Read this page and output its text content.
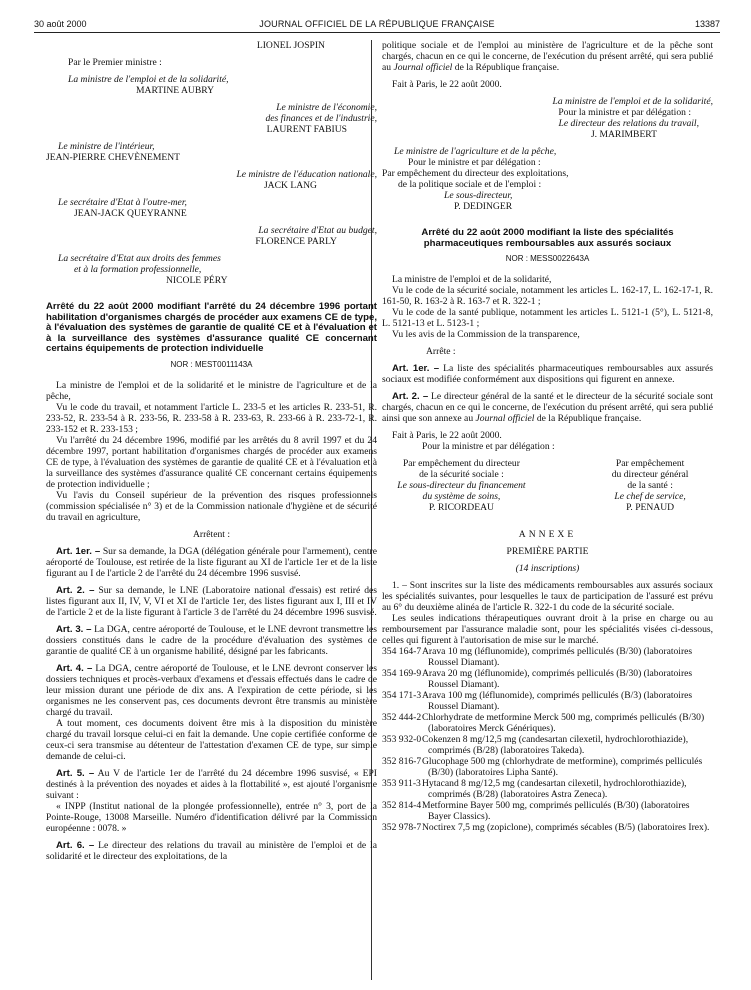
30 août 2000	JOURNAL OFFICIEL DE LA RÉPUBLIQUE FRANÇAISE	13387

LIONEL JOSPIN

Par le Premier ministre :

La ministre de l'emploi et de la solidarité,

MARTINE AUBRY

Le ministre de l'économie,

des finances et de l'industrie,

LAURENT FABIUS

Le ministre de l'intérieur,

JEAN-PIERRE CHEVÈNEMENT

Le ministre de l'éducation nationale,

JACK LANG

Le secrétaire d'Etat à l'outre-mer,

JEAN-JACK QUEYRANNE

La secrétaire d'Etat au budget,

FLORENCE PARLY

La secrétaire d'Etat aux droits des femmes

et à la formation professionnelle,

NICOLE PÉRY

Arrêté du 22 août 2000 modifiant l'arrêté du 24 décembre 1996 portant habilitation d'organismes chargés de procéder aux examens CE de type, à l'évaluation des systèmes de garantie de qualité CE et à l'évaluation et à la surveillance des systèmes d'assurance qualité CE concernant certains équipements de protection individuelle

NOR : MEST0011143A

La ministre de l'emploi et de la solidarité et le ministre de l'agriculture et de la pêche,

Vu le code du travail, et notamment l'article L. 233-5 et les articles R. 233-51, R. 233-52, R. 233-54 à R. 233-56, R. 233-58 à R. 233-63, R. 233-66 à R. 233-72-1, R. 233-152 et R. 233-153 ;

Vu l'arrêté du 24 décembre 1996, modifié par les arrêtés du 8 avril 1997 et du 24 décembre 1997, portant habilitation d'organismes chargés de procéder aux examens CE de type, à l'évaluation des systèmes de garantie de qualité CE et à l'évaluation et à la surveillance des systèmes d'assurance qualité CE concernant certains équipements de protection individuelle ;

Vu l'avis du Conseil supérieur de la prévention des risques professionnels (commission spécialisée n° 3) et de la Commission nationale d'hygiène et de sécurité du travail en agriculture,

Arrêtent :

Art. 1er. – Sur sa demande, la DGA (délégation générale pour l'armement), centre aéroporté de Toulouse, est retirée de la liste figurant au XI de l'article 1er et de la liste figurant au I de l'article 2 de l'arrêté du 24 décembre 1996 susvisé.

Art. 2. – Sur sa demande, le LNE (Laboratoire national d'essais) est retiré des listes figurant aux II, IV, V, VI et XI de l'article 1er, des listes figurant aux I, III et IV de l'article 2 et de la liste figurant à l'article 3 de l'arrêté du 24 décembre 1996 susvisé.

Art. 3. – La DGA, centre aéroporté de Toulouse, et le LNE devront transmettre les dossiers constitués dans le cadre de la procédure d'évaluation des systèmes de garantie de qualité CE à un organisme habilité, désigné par les fabricants.

Art. 4. – La DGA, centre aéroporté de Toulouse, et le LNE devront conserver les dossiers techniques et procès-verbaux d'examens et d'essais effectués dans le cadre de leur mission durant une période de dix ans. A l'expiration de cette période, si les organismes ne les conservent pas, ces documents devront être transmis au ministère chargé du travail.

A tout moment, ces documents doivent être mis à la disposition du ministère chargé du travail lorsque celui-ci en fait la demande. Une copie certifiée conforme de ceux-ci sera transmise au détenteur de l'attestation d'examen CE de type, sur simple demande de celui-ci.

Art. 5. – Au V de l'article 1er de l'arrêté du 24 décembre 1996 susvisé, « EPI destinés à la prévention des noyades et aides à la flottabilité », est ajouté l'organisme suivant :

« INPP (Institut national de la plongée professionnelle), entrée n° 3, port de la Pointe-Rouge, 13008 Marseille. Numéro d'identification délivré par la Commission européenne : 0078. »

Art. 6. – Le directeur des relations du travail au ministère de l'emploi et de la solidarité et le directeur des exploitations, de la

politique sociale et de l'emploi au ministère de l'agriculture et de la pêche sont chargés, chacun en ce qui le concerne, de l'exécution du présent arrêté, qui sera publié au Journal officiel de la République française.

Fait à Paris, le 22 août 2000.

La ministre de l'emploi et de la solidarité,

Pour la ministre et par délégation :

Le directeur des relations du travail,

J. MARIMBERT

Le ministre de l'agriculture et de la pêche,

Pour le ministre et par délégation :

Par empêchement du directeur des exploitations,

de la politique sociale et de l'emploi :

Le sous-directeur,

P. DEDINGER

Arrêté du 22 août 2000 modifiant la liste des spécialités pharmaceutiques remboursables aux assurés sociaux

NOR : MESS0022643A

La ministre de l'emploi et de la solidarité,

Vu le code de la sécurité sociale, notamment les articles L. 162-17, L. 162-17-1, R. 161-50, R. 163-2 à R. 163-7 et R. 322-1 ;

Vu le code de la santé publique, notamment les articles L. 5121-1 (5°), L. 5121-8, L. 5121-13 et L. 5123-1 ;

Vu les avis de la Commission de la transparence,

Arrête :

Art. 1er. – La liste des spécialités pharmaceutiques remboursables aux assurés sociaux est modifiée conformément aux dispositions qui figurent en annexe.

Art. 2. – Le directeur général de la santé et le directeur de la sécurité sociale sont chargés, chacun en ce qui le concerne, de l'exécution du présent arrêté, qui sera publié ainsi que son annexe au Journal officiel de la République française.

Fait à Paris, le 22 août 2000.

Pour la ministre et par délégation :

Par empêchement du directeur

de la sécurité sociale :

Le sous-directeur du financement

du système de soins,

P. RICORDEAU

Par empêchement

du directeur général

de la santé :

Le chef de service,

P. PENAUD

ANNEXE

PREMIÈRE PARTIE

(14 inscriptions)

1. – Sont inscrites sur la liste des médicaments remboursables aux assurés sociaux les spécialités suivantes, pour lesquelles le taux de participation de l'assuré est prévu au 6° du deuxième alinéa de l'article R. 322-1 du code de la sécurité sociale.

Les seules indications thérapeutiques ouvrant droit à la prise en charge ou au remboursement par l'assurance maladie sont, pour les spécialités visées ci-dessous, celles qui figurent à l'autorisation de mise sur le marché.

354 164-7 Arava 10 mg (léflunomide), comprimés pelliculés (B/30) (laboratoires Roussel Diamant).
354 169-9 Arava 20 mg (léflunomide), comprimés pelliculés (B/30) (laboratoires Roussel Diamant).
354 171-3 Arava 100 mg (léflunomide), comprimés pelliculés (B/3) (laboratoires Roussel Diamant).
352 444-2 Chlorhydrate de metformine Merck 500 mg, comprimés pelliculés (B/30) (laboratoires Merck Génériques).
353 932-0 Cokenzen 8 mg/12,5 mg (candesartan cilexetil, hydrochlorothiazide), comprimés (B/28) (laboratoires Takeda).
352 816-7 Glucophage 500 mg (chlorhydrate de metformine), comprimés pelliculés (B/30) (laboratoires Lipha Santé).
353 911-3 Hytacand 8 mg/12,5 mg (candesartan cilexetil, hydrochlorothiazide), comprimés (B/28) (laboratoires Astra Zeneca).
352 814-4 Metformine Bayer 500 mg, comprimés pelliculés (B/30) (laboratoires Bayer Classics).
352 978-7 Noctirex 7,5 mg (zopiclone), comprimés sécables (B/5) (laboratoires Irex).
